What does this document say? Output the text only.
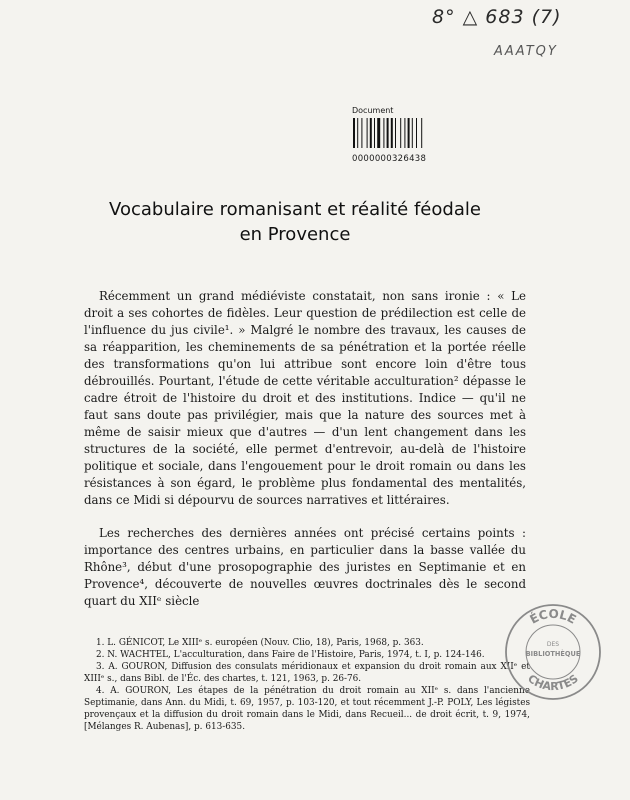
8° △ 683 (7)
AAATQY
Document
0000000326438
Vocabulaire romanisant et réalité féodale
en Provence

Récemment un grand médiéviste constatait, non sans ironie : « Le droit a ses cohortes de fidèles. Leur question de prédilection est celle de l'influence du jus civile¹. » Malgré le nombre des travaux, les causes de sa réapparition, les cheminements de sa pénétration et la portée réelle des transformations qu'on lui attribue sont encore loin d'être tous débrouillés. Pourtant, l'étude de cette véritable acculturation² dépasse le cadre étroit de l'histoire du droit et des institutions. Indice — qu'il ne faut sans doute pas privilégier, mais que la nature des sources met à même de saisir mieux que d'autres — d'un lent changement dans les structures de la société, elle permet d'entrevoir, au-delà de l'histoire politique et sociale, dans l'engouement pour le droit romain ou dans les résistances à son égard, le problème plus fondamental des mentalités, dans ce Midi si dépourvu de sources narratives et littéraires.

Les recherches des dernières années ont précisé certains points : importance des centres urbains, en particulier dans la basse vallée du Rhône³, début d'une prosopographie des juristes en Septimanie et en Provence⁴, découverte de nouvelles œuvres doctrinales dès le second quart du XIIᵉ siècle

1. L. GÉNICOT, Le XIIIᵉ s. européen (Nouv. Clio, 18), Paris, 1968, p. 363.
2. N. WACHTEL, L'acculturation, dans Faire de l'Histoire, Paris, 1974, t. I, p. 124-146.
3. A. GOURON, Diffusion des consulats méridionaux et expansion du droit romain aux XIIᵉ et XIIIᵉ s., dans Bibl. de l'Éc. des chartes, t. 121, 1963, p. 26-76.
4. A. GOURON, Les étapes de la pénétration du droit romain au XIIᵉ s. dans l'ancienne Septimanie, dans Ann. du Midi, t. 69, 1957, p. 103-120, et tout récemment J.-P. POLY, Les légistes provençaux et la diffusion du droit romain dans le Midi, dans Recueil... de droit écrit, t. 9, 1974, [Mélanges R. Aubenas], p. 613-635.
ÉCOLE
DES
BIBLIOTHÈQUE
CHARTES
